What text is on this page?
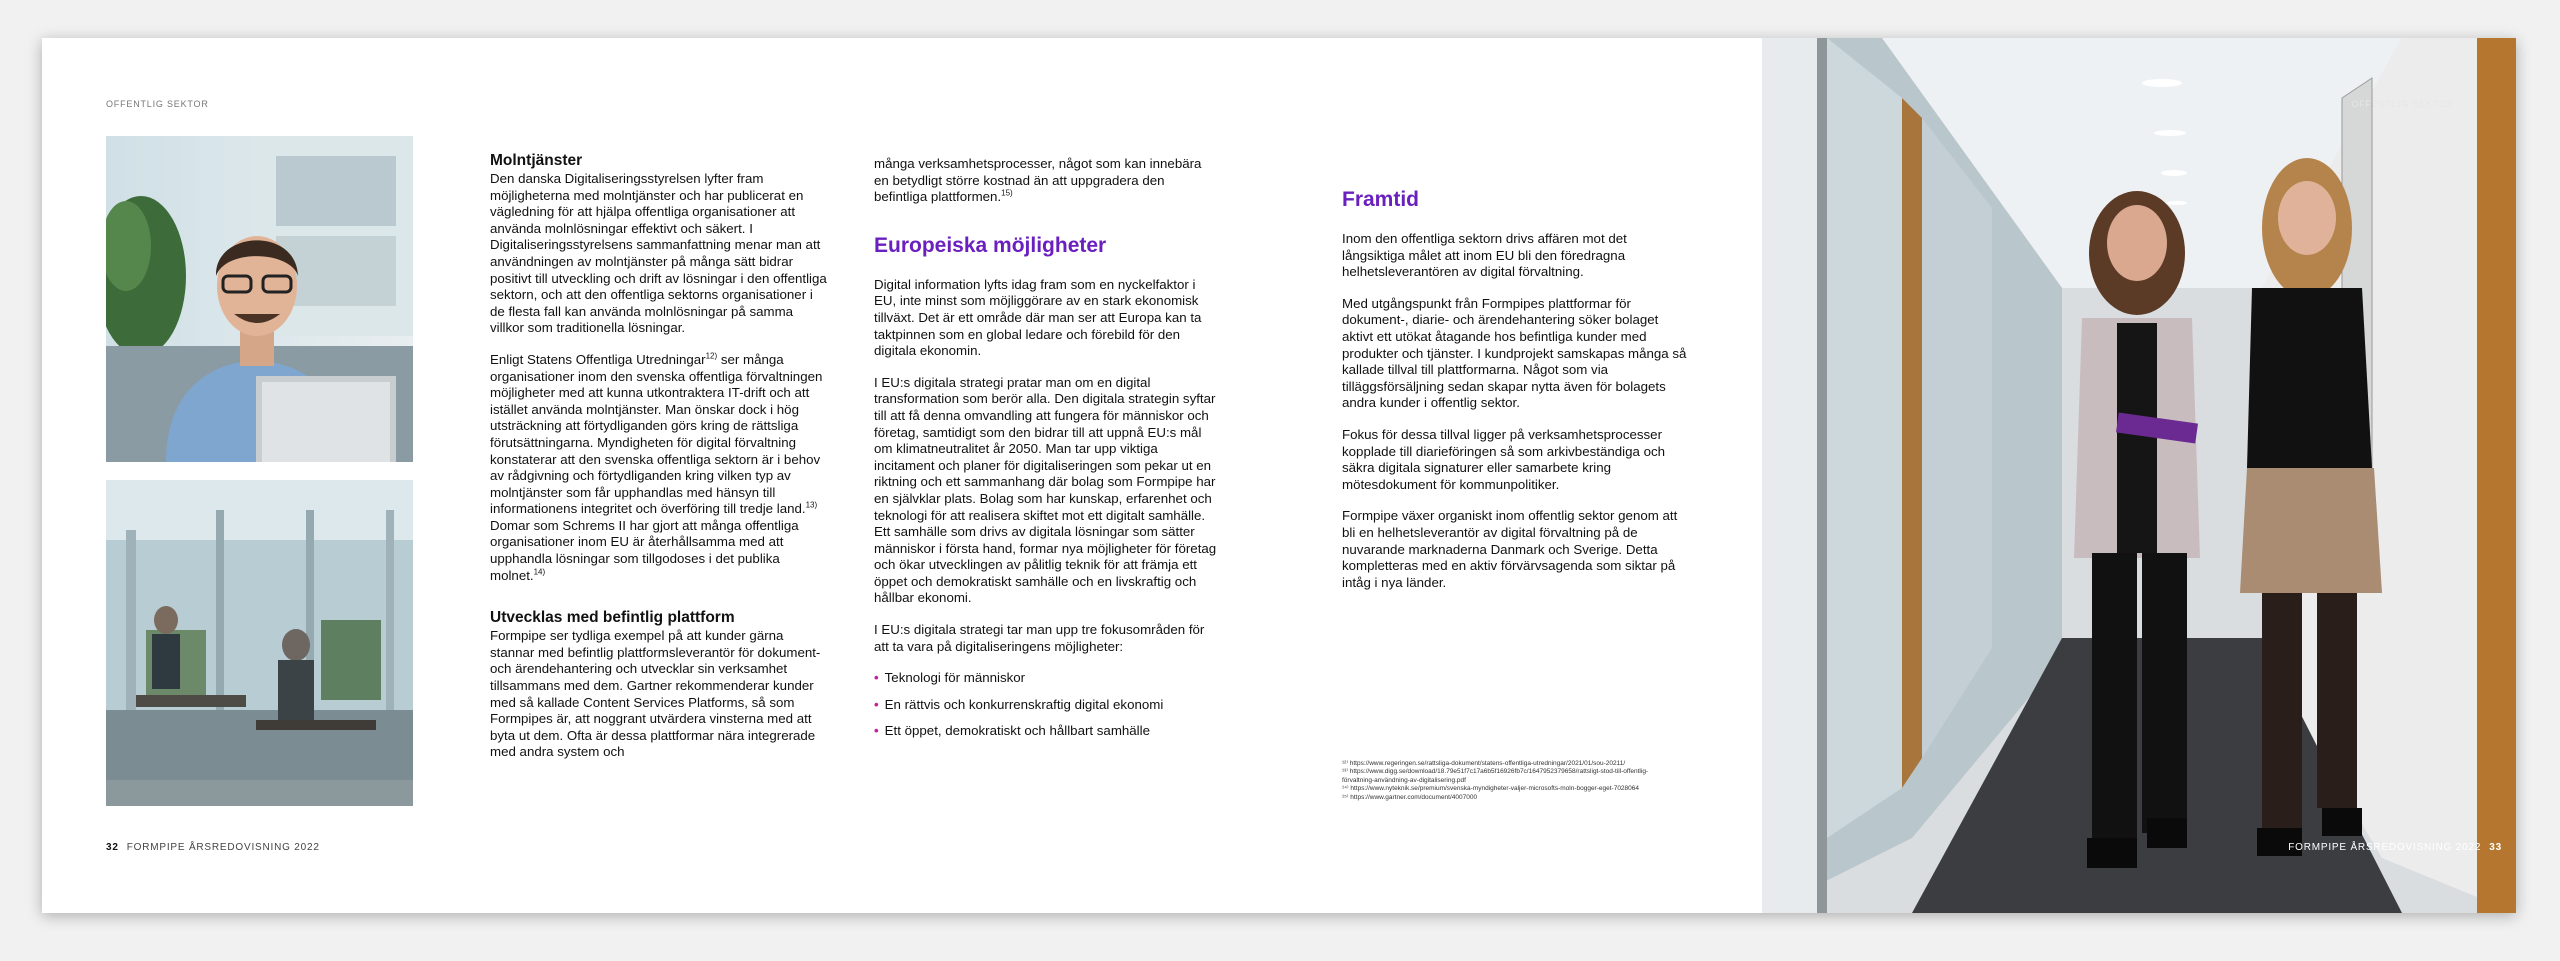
OFFENTLIG SEKTOR
Molntjänster

Den danska Digitaliseringsstyrelsen lyfter fram möjligheterna med molntjänster och har publicerat en vägledning för att hjälpa offentliga organisationer att använda molnlösningar effektivt och säkert. I Digitaliseringsstyrelsens sammanfattning menar man att användningen av molntjänster på många sätt bidrar positivt till utveckling och drift av lösningar i den offentliga sektorn, och att den offentliga sektorns organisationer i de flesta fall kan använda molnlösningar på samma villkor som traditionella lösningar.

Enligt Statens Offentliga Utredningar$^{12)}$ ser många organisationer inom den svenska offentliga förvaltningen möjligheter med att kunna utkontraktera IT-drift och att istället använda molntjänster. Man önskar dock i hög utsträckning att förtydliganden görs kring de rättsliga förutsättningarna. Myndigheten för digital förvaltning konstaterar att den svenska offentliga sektorn är i behov av rådgivning och förtydliganden kring vilken typ av molntjänster som får upphandlas med hänsyn till informationens integritet och överföring till tredje land.$^{13)}$ Domar som Schrems II har gjort att många offentliga organisationer inom EU är återhållsamma med att upphandla lösningar som tillgodoses i det publika molnet.$^{14)}$

Utvecklas med befintlig plattform

Formpipe ser tydliga exempel på att kunder gärna stannar med befintlig plattformsleverantör för dokument- och ärendehantering och utvecklar sin verksamhet tillsammans med dem. Gartner rekommenderar kunder med så kallade Content Services Platforms, så som Formpipes är, att noggrant utvärdera vinsterna med att byta ut dem. Ofta är dessa plattformar nära integrerade med andra system och

många verksamhetsprocesser, något som kan innebära en betydligt större kostnad än att uppgradera den befintliga plattformen.$^{15)}$

Europeiska möjligheter

Digital information lyfts idag fram som en nyckelfaktor i EU, inte minst som möjliggörare av en stark ekonomisk tillväxt. Det är ett område där man ser att Europa kan ta taktpinnen som en global ledare och förebild för den digitala ekonomin.

I EU:s digitala strategi pratar man om en digital transformation som berör alla. Den digitala strategin syftar till att få denna omvandling att fungera för människor och företag, samtidigt som den bidrar till att uppnå EU:s mål om klimatneutralitet år 2050. Man tar upp viktiga incitament och planer för digitaliseringen som pekar ut en riktning och ett sammanhang där bolag som Formpipe har en självklar plats. Bolag som har kunskap, erfarenhet och teknologi för att realisera skiftet mot ett digitalt samhälle. Ett samhälle som drivs av digitala lösningar som sätter människor i första hand, formar nya möjligheter för företag och ökar utvecklingen av pålitlig teknik för att främja ett öppet och demokratiskt samhälle och en livskraftig och hållbar ekonomi.

I EU:s digitala strategi tar man upp tre fokusområden för att ta vara på digitaliseringens möjligheter:

• Teknologi för människor
• En rättvis och konkurrenskraftig digital ekonomi
• Ett öppet, demokratiskt och hållbart samhälle
Framtid

Inom den offentliga sektorn drivs affären mot det långsiktiga målet att inom EU bli den föredragna helhetsleverantören av digital förvaltning.

Med utgångspunkt från Formpipes plattformar för dokument-, diarie- och ärendehantering söker bolaget aktivt ett utökat åtagande hos befintliga kunder med produkter och tjänster. I kundprojekt samskapas många så kallade tillval till plattformarna. Något som via tilläggsförsäljning sedan skapar nytta även för bolagets andra kunder i offentlig sektor.

Fokus för dessa tillval ligger på verksamhetsprocesser kopplade till diarieföringen så som arkivbeständiga och säkra digitala signaturer eller samarbete kring mötesdokument för kommunpolitiker.

Formpipe växer organiskt inom offentlig sektor genom att bli en helhetsleverantör av digital förvaltning på de nuvarande marknaderna Danmark och Sverige. Detta kompletteras med en aktiv förvärvsagenda som siktar på intåg i nya länder.

¹²⁾ https://www.regeringen.se/rattsliga-dokument/statens-offentliga-utredningar/2021/01/sou-20211/
¹³⁾ https://www.digg.se/download/18.79e51f7c17a6b5f16926fb7c/1647952379658/rattsligt-stod-till-offentlig-
förvaltning-användning-av-digitalisering.pdf
¹⁴⁾ https://www.nyteknik.se/premium/svenska-myndigheter-valjer-microsofts-moln-bogger-eget-7028064
¹⁵⁾ https://www.gartner.com/document/4007000
32 FORMPIPE ÅRSREDOVISNING 2022
OFFENTLIG SEKTOR
FORMPIPE ÅRSREDOVISNING 2022 33
